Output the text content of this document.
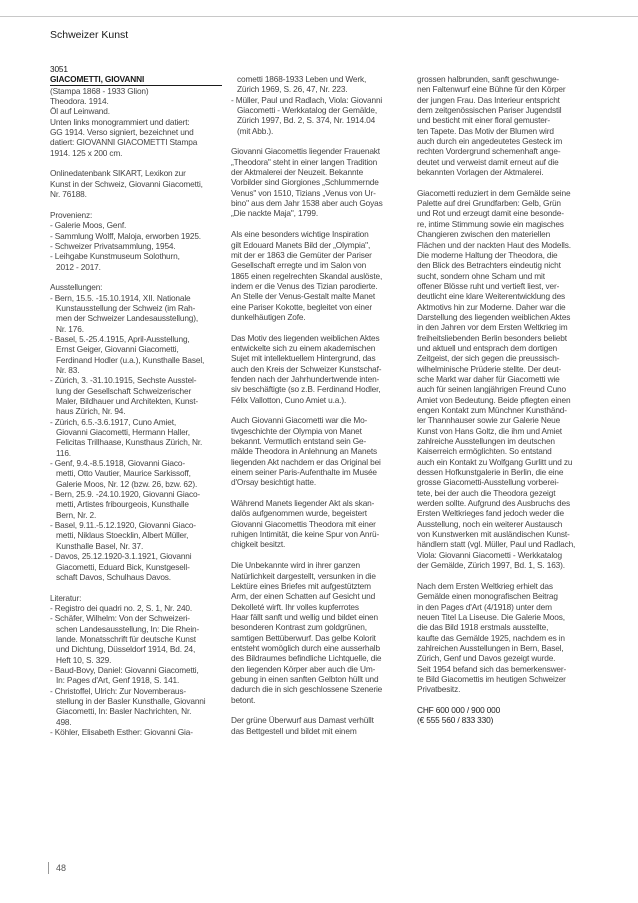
Schweizer Kunst
3051
GIACOMETTI, GIOVANNI
(Stampa 1868 - 1933 Glion)
Theodora. 1914.
Öl auf Leinwand.
Unten links monogrammiert und datiert:
GG 1914. Verso signiert, bezeichnet und
datiert: GIOVANNI GIACOMETTI Stampa
1914. 125 x 200 cm.
Onlinedatenbank SIKART, Lexikon zur
Kunst in der Schweiz, Giovanni Giacometti,
Nr. 76188.
Provenienz:
- Galerie Moos, Genf.
- Sammlung Wolff, Maloja, erworben 1925.
- Schweizer Privatsammlung, 1954.
- Leihgabe Kunstmuseum Solothurn,
2012 - 2017.
Ausstellungen:
- Bern, 15.5. -15.10.1914, XII. Nationale
Kunstausstellung der Schweiz (im Rah-
men der Schweizer Landesausstellung),
Nr. 176.
- Basel, 5.-25.4.1915, April-Ausstellung,
Ernst Geiger, Giovanni Giacometti,
Ferdinand Hodler (u.a.), Kunsthalle Basel,
Nr. 83.
- Zürich, 3. -31.10.1915, Sechste Ausstel-
lung der Gesellschaft Schweizerischer
Maler, Bildhauer und Architekten, Kunst-
haus Zürich, Nr. 94.
- Zürich, 6.5.-3.6.1917, Cuno Amiet,
Giovanni Giacometti, Hermann Haller,
Felicitas Trillhaase, Kunsthaus Zürich, Nr.
116.
- Genf, 9.4.-8.5.1918, Giovanni Giaco-
metti, Otto Vautier, Maurice Sarkissoff,
Galerie Moos, Nr. 12 (bzw. 26, bzw. 62).
- Bern, 25.9. -24.10.1920, Giovanni Giaco-
metti, Artistes fribourgeois, Kunsthalle
Bern, Nr. 2.
- Basel, 9.11.-5.12.1920, Giovanni Giaco-
metti, Niklaus Stoecklin, Albert Müller,
Kunsthalle Basel, Nr. 37.
- Davos, 25.12.1920-3.1.1921, Giovanni
Giacometti, Eduard Bick, Kunstgesell-
schaft Davos, Schulhaus Davos.
Literatur:
- Registro dei quadri no. 2, S. 1, Nr. 240.
- Schäfer, Wilhelm: Von der Schweizeri-
schen Landesausstellung, In: Die Rhein-
lande. Monatsschrift für deutsche Kunst
und Dichtung, Düsseldorf 1914, Bd. 24,
Heft 10, S. 329.
- Baud-Bovy, Daniel: Giovanni Giacometti,
In: Pages d'Art, Genf 1918, S. 141.
- Christoffel, Ulrich: Zur Novemberaus-
stellung in der Basler Kunsthalle, Giovanni
Giacometti, In: Basler Nachrichten, Nr.
498.
- Köhler, Elisabeth Esther: Giovanni Gia-
cometti 1868-1933 Leben und Werk,
Zürich 1969, S. 26, 47, Nr. 223.
- Müller, Paul und Radlach, Viola: Giovanni
Giacometti - Werkkatalog der Gemälde,
Zürich 1997, Bd. 2, S. 374, Nr. 1914.04
(mit Abb.).
Giovanni Giacomettis liegender Frauenakt
„Theodora" steht in einer langen Tradition
der Aktmalerei der Neuzeit. Bekannte
Vorbilder sind Giorgiones „Schlummernde
Venus" von 1510, Tizians „Venus von Ur-
bino" aus dem Jahr 1538 aber auch Goyas
„Die nackte Maja", 1799.
Als eine besonders wichtige Inspiration
gilt Edouard Manets Bild der „Olympia",
mit der er 1863 die Gemüter der Pariser
Gesellschaft erregte und im Salon von
1865 einen regelrechten Skandal auslöste,
indem er die Venus des Tizian parodierte.
An Stelle der Venus-Gestalt malte Manet
eine Pariser Kokotte, begleitet von einer
dunkelhäutigen Zofe.
Das Motiv des liegenden weiblichen Aktes
entwickelte sich zu einem akademischen
Sujet mit intellektuellem Hintergrund, das
auch den Kreis der Schweizer Kunstschaf-
fenden nach der Jahrhundertwende inten-
siv beschäftigte (so z.B. Ferdinand Hodler,
Félix Vallotton, Cuno Amiet u.a.).
Auch Giovanni Giacometti war die Mo-
tivgeschichte der Olympia von Manet
bekannt. Vermutlich entstand sein Ge-
mälde Theodora in Anlehnung an Manets
liegenden Akt nachdem er das Original bei
einem seiner Paris-Aufenthalte im Musée
d'Orsay besichtigt hatte.
Während Manets liegender Akt als skan-
dalös aufgenommen wurde, begeistert
Giovanni Giacomettis Theodora mit einer
ruhigen Intimität, die keine Spur von Anrü-
chigkeit besitzt.
Die Unbekannte wird in ihrer ganzen
Natürlichkeit dargestellt, versunken in die
Lektüre eines Briefes mit aufgestütztem
Arm, der einen Schatten auf Gesicht und
Dekolleté wirft. Ihr volles kupferrotes
Haar fällt sanft und wellig und bildet einen
besonderen Kontrast zum goldgrünen,
samtigen Bettüberwurf. Das gelbe Kolorit
entsteht womöglich durch eine ausserhalb
des Bildraumes befindliche Lichtquelle, die
den liegenden Körper aber auch die Um-
gebung in einen sanften Gelbton hüllt und
dadurch die in sich geschlossene Szenerie
betont.
Der grüne Überwurf aus Damast verhüllt
das Bettgestell und bildet mit einem
grossen halbrunden, sanft geschwunge-
nen Faltenwurf eine Bühne für den Körper
der jungen Frau. Das Interieur entspricht
dem zeitgenössischen Pariser Jugendstil
und besticht mit einer floral gemuster-
ten Tapete. Das Motiv der Blumen wird
auch durch ein angedeutetes Gesteck im
rechten Vordergrund schemenhaft ange-
deutet und verweist damit erneut auf die
bekannten Vorlagen der Aktmalerei.
Giacometti reduziert in dem Gemälde seine
Palette auf drei Grundfarben: Gelb, Grün
und Rot und erzeugt damit eine besonde-
re, intime Stimmung sowie ein magisches
Changieren zwischen den materiellen
Flächen und der nackten Haut des Modells.
Die moderne Haltung der Theodora, die
den Blick des Betrachters eindeutig nicht
sucht, sondern ohne Scham und mit
offener Blösse ruht und vertieft liest, ver-
deutlicht eine klare Weiterentwicklung des
Aktmotivs hin zur Moderne. Daher war die
Darstellung des liegenden weiblichen Aktes
in den Jahren vor dem Ersten Weltkrieg im
freiheitsliebenden Berlin besonders beliebt
und aktuell und entsprach dem dortigen
Zeitgeist, der sich gegen die preussisch-
wilhelminische Prüderie stellte. Der deut-
sche Markt war daher für Giacometti wie
auch für seinen langjährigen Freund Cuno
Amiet von Bedeutung. Beide pflegten einen
engen Kontakt zum Münchner Kunsthänd-
ler Thannhauser sowie zur Galerie Neue
Kunst von Hans Goltz, die ihm und Amiet
zahlreiche Ausstellungen im deutschen
Kaiserreich ermöglichten. So entstand
auch ein Kontakt zu Wolfgang Gurlitt und zu
dessen Hofkunstgalerie in Berlin, die eine
grosse Giacometti-Ausstellung vorberei-
tete, bei der auch die Theodora gezeigt
werden sollte. Aufgrund des Ausbruchs des
Ersten Weltkrieges fand jedoch weder die
Ausstellung, noch ein weiterer Austausch
von Kunstwerken mit ausländischen Kunst-
händlern statt (vgl. Müller, Paul und Radlach,
Viola: Giovanni Giacometti - Werkkatalog
der Gemälde, Zürich 1997, Bd. 1, S. 163).
Nach dem Ersten Weltkrieg erhielt das
Gemälde einen monografischen Beitrag
in den Pages d'Art (4/1918) unter dem
neuen Titel La Liseuse. Die Galerie Moos,
die das Bild 1918 erstmals ausstellte,
kaufte das Gemälde 1925, nachdem es in
zahlreichen Ausstellungen in Bern, Basel,
Zürich, Genf und Davos gezeigt wurde.
Seit 1954 befand sich das bemerkenswer-
te Bild Giacomettis im heutigen Schweizer
Privatbesitz.
CHF 600 000 / 900 000
(€ 555 560 / 833 330)
48
